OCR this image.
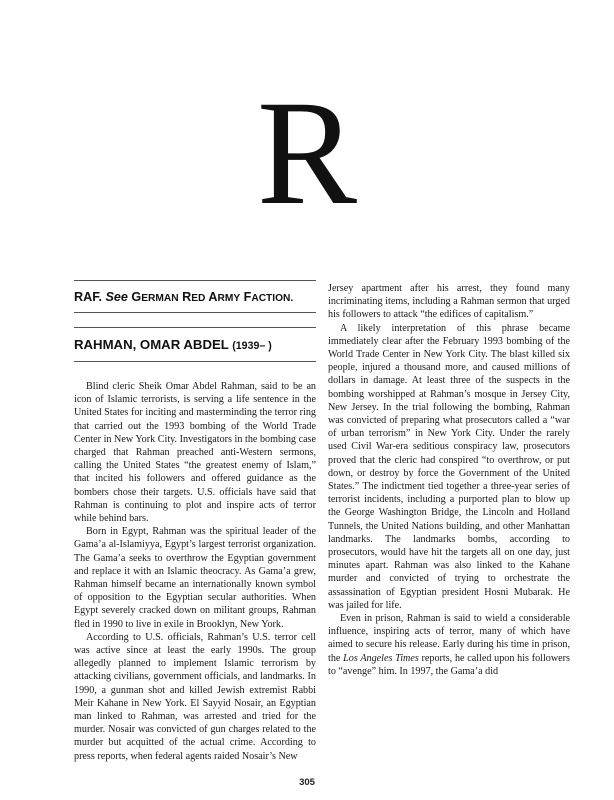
R
RAF. See GERMAN RED ARMY FACTION.
RAHMAN, OMAR ABDEL (1939– )

Blind cleric Sheik Omar Abdel Rahman, said to be an icon of Islamic terrorists, is serving a life sentence in the United States for inciting and masterminding the terror ring that carried out the 1993 bombing of the World Trade Center in New York City. Investigators in the bombing case charged that Rahman preached anti-Western sermons, calling the United States “the greatest enemy of Islam,” that incited his followers and offered guidance as the bombers chose their targets. U.S. officials have said that Rahman is continuing to plot and inspire acts of terror while behind bars.

Born in Egypt, Rahman was the spiritual leader of the Gama’a al-Islamiyya, Egypt’s largest terrorist organization. The Gama’a seeks to overthrow the Egyptian government and replace it with an Islamic theocracy. As Gama’a grew, Rahman himself became an internationally known symbol of opposition to the Egyptian secular authorities. When Egypt severely cracked down on militant groups, Rahman fled in 1990 to live in exile in Brooklyn, New York.

According to U.S. officials, Rahman’s U.S. terror cell was active since at least the early 1990s. The group allegedly planned to implement Islamic terrorism by attacking civilians, government officials, and landmarks. In 1990, a gunman shot and killed Jewish extremist Rabbi Meir Kahane in New York. El Sayyid Nosair, an Egyptian man linked to Rahman, was arrested and tried for the murder. Nosair was convicted of gun charges related to the murder but acquitted of the actual crime. According to press reports, when federal agents raided Nosair’s New

Jersey apartment after his arrest, they found many incriminating items, including a Rahman sermon that urged his followers to attack “the edifices of capitalism.”

A likely interpretation of this phrase became immediately clear after the February 1993 bombing of the World Trade Center in New York City. The blast killed six people, injured a thousand more, and caused millions of dollars in damage. At least three of the suspects in the bombing worshipped at Rahman’s mosque in Jersey City, New Jersey. In the trial following the bombing, Rahman was convicted of preparing what prosecutors called a “war of urban terrorism” in New York City. Under the rarely used Civil War-era seditious conspiracy law, prosecutors proved that the cleric had conspired “to overthrow, or put down, or destroy by force the Government of the United States.” The indictment tied together a three-year series of terrorist incidents, including a purported plan to blow up the George Washington Bridge, the Lincoln and Holland Tunnels, the United Nations building, and other Manhattan landmarks. The landmarks bombs, according to prosecutors, would have hit the targets all on one day, just minutes apart. Rahman was also linked to the Kahane murder and convicted of trying to orchestrate the assassination of Egyptian president Hosni Mubarak. He was jailed for life.

Even in prison, Rahman is said to wield a considerable influence, inspiring acts of terror, many of which have aimed to secure his release. Early during his time in prison, the Los Angeles Times reports, he called upon his followers to “avenge” him. In 1997, the Gama’a did

305
